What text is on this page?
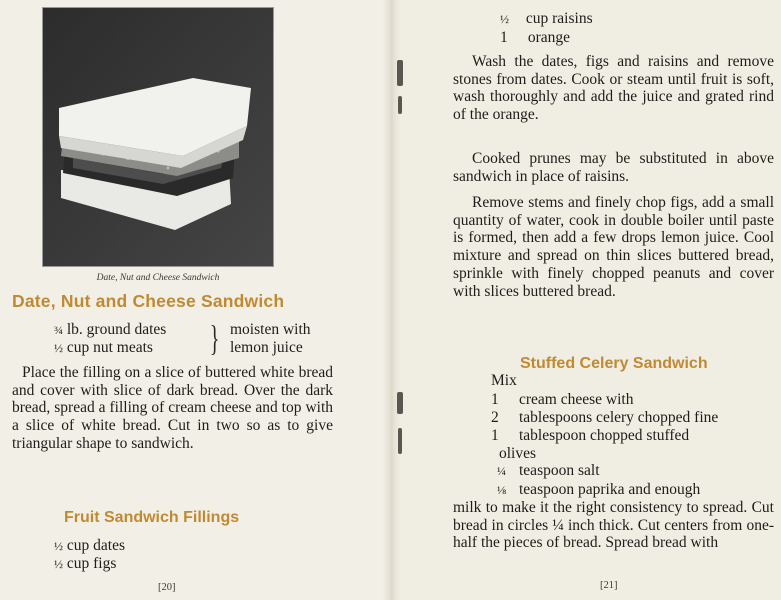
Date, Nut and Cheese Sandwich
Date, Nut and Cheese Sandwich
¾ lb. ground dates
½ cup nut meats } moisten with
lemon juice
Place the filling on a slice of buttered white bread and cover with slice of dark bread. Over the dark bread, spread a filling of cream cheese and top with a slice of white bread. Cut in two so as to give triangular shape to sandwich.
Fruit Sandwich Fillings
½ cup dates
½ cup figs
[20]
½ cup raisins
1 orange
Wash the dates, figs and raisins and remove stones from dates. Cook or steam until fruit is soft, wash thoroughly and add the juice and grated rind of the orange.
Cooked prunes may be substituted in above sandwich in place of raisins.
Remove stems and finely chop figs, add a small quantity of water, cook in double boiler until paste is formed, then add a few drops lemon juice. Cool mixture and spread on thin slices buttered bread, sprinkle with finely chopped peanuts and cover with slices buttered bread.
Stuffed Celery Sandwich
Mix
1 cream cheese with
2 tablespoons celery chopped fine
1 tablespoon chopped stuffed
olives
¼ teaspoon salt
⅛ teaspoon paprika and enough
milk to make it the right consistency to spread. Cut bread in circles ¼ inch thick. Cut centers from one-half the pieces of bread. Spread bread with
[21]
